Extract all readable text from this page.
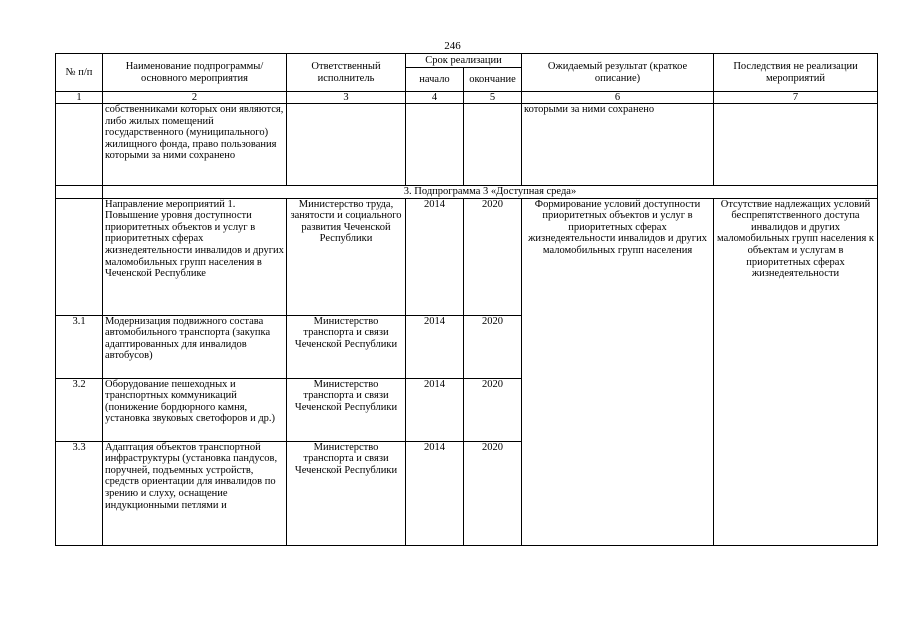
246
№ п/п	Наименование подпрограммы/ основного мероприятия	Ответственный исполнитель	Срок реализации		Ожидаемый результат (краткое описание)	Последствия не реализации мероприятий
			начало	окончание		
1	2	3	4	5	6	7
	собственниками которых они являются, либо жилых помещений государственного (муниципального) жилищного фонда, право пользования которыми за ними сохранено				которыми за ними сохранено	
	3. Подпрограмма 3 «Доступная среда»					
	Направление мероприятий 1. Повышение уровня доступности приоритетных объектов и услуг в приоритетных сферах жизнедеятельности инвалидов и других маломобильных групп населения в Чеченской Республике	Министерство труда, занятости и социального развития Чеченской Республики	2014	2020	Формирование условий доступности приоритетных объектов и услуг в приоритетных сферах жизнедеятельности инвалидов и других маломобильных групп населения	Отсутствие надлежащих условий беспрепятственного доступа инвалидов и других маломобильных групп населения к объектам и услугам в приоритетных сферах жизнедеятельности
3.1	Модернизация подвижного состава автомобильного транспорта (закупка адаптированных для инвалидов автобусов)	Министерство транспорта и связи Чеченской Республики	2014	2020		
3.2	Оборудование пешеходных и транспортных коммуникаций (понижение бордюрного камня, установка звуковых светофоров и др.)	Министерство транспорта и связи Чеченской Республики	2014	2020		
3.3	Адаптация объектов транспортной инфраструктуры (установка пандусов, поручней, подъемных устройств, средств ориентации для инвалидов по зрению и слуху, оснащение индукционными петлями и	Министерство транспорта и связи Чеченской Республики	2014	2020		
